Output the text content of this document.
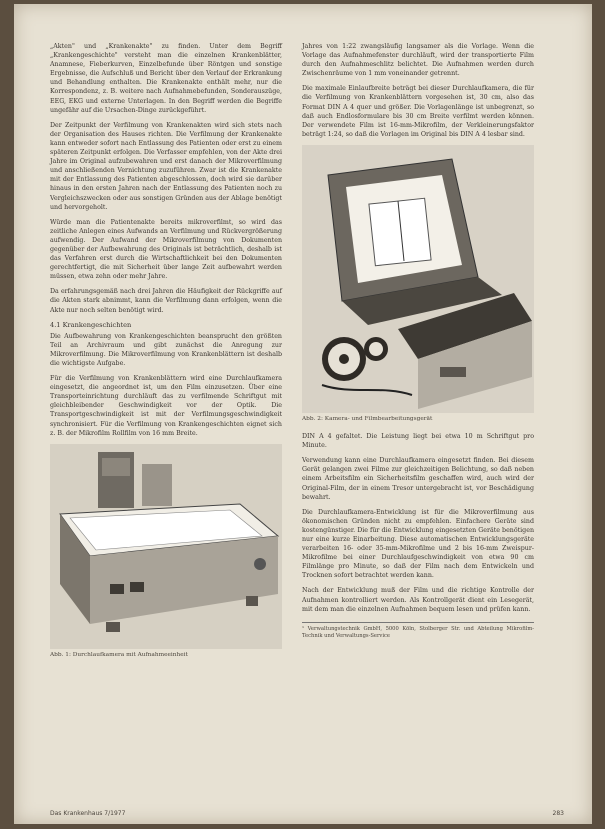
„Akten" und „Krankenakte" zu finden. Unter dem Begriff „Krankengeschichte" versteht man die einzelnen Krankenblätter, Anamnese, Fieberkurven, Einzelbefunde über Röntgen und sonstige Ergebnisse, die Aufschluß und Bericht über den Verlauf der Erkrankung und Behandlung enthalten. Die Krankenakte enthält mehr, nur die Korrespondenz, z. B. weitere nach Aufnahmebefunden, Sonderauszüge, EEG, EKG und externe Unterlagen. In den Begriff werden die Begriffe ungefähr auf die Ursachen-Dinge zurückgeführt.

Der Zeitpunkt der Verfilmung von Krankenakten wird sich stets nach der Organisation des Hauses richten. Die Verfilmung der Krankenakte kann entweder sofort nach Entlassung des Patienten oder erst zu einem späteren Zeitpunkt erfolgen. Die Verfasser empfehlen, von der Akte drei Jahre im Original aufzubewahren und erst danach der Mikroverfilmung und anschließenden Vernichtung zuzuführen. Zwar ist die Krankenakte mit der Entlassung des Patienten abgeschlossen, doch wird sie darüber hinaus in den ersten Jahren nach der Entlassung des Patienten noch zu Vergleichszwecken oder aus sonstigen Gründen aus der Ablage benötigt und hervorgeholt.

Würde man die Patientenakte bereits mikroverfilmt, so wird das zeitliche Anlegen eines Aufwands an Verfilmung und Rückvergrößerung aufwendig. Der Aufwand der Mikroverfilmung von Dokumenten gegenüber der Aufbewahrung des Originals ist beträchtlich, deshalb ist das Verfahren erst durch die Wirtschaftlichkeit bei den Dokumenten gerechtfertigt, die mit Sicherheit über lange Zeit aufbewahrt werden müssen, etwa zehn oder mehr Jahre.

Da erfahrungsgemäß nach drei Jahren die Häufigkeit der Rückgriffe auf die Akten stark abnimmt, kann die Verfilmung dann erfolgen, wenn die Akte nur noch selten benötigt wird.

4.1 Krankengeschichten

Die Aufbewahrung von Krankengeschichten beansprucht den größten Teil an Archivraum und gibt zunächst die Anregung zur Mikroverfilmung. Die Mikroverfilmung von Krankenblättern ist deshalb die wichtigste Aufgabe.

Für die Verfilmung von Krankenblättern wird eine Durchlaufkamera eingesetzt, die angeordnet ist, um den Film einzusetzen. Über eine Transporteinrichtung durchläuft das zu verfilmende Schriftgut mit gleichbleibender Geschwindigkeit vor der Optik. Die Transportgeschwindigkeit ist mit der Verfilmungsgeschwindigkeit synchronisiert. Für die Verfilmung von Krankengeschichten eignet sich z. B. der Mikrofilm Rollfilm von 16 mm Breite.

Abb. 1: Durchlaufkamera mit Aufnahmeeinheit

Jahres von 1:22 zwangsläufig langsamer als die Vorlage. Wenn die Vorlage das Aufnahmefenster durchläuft, wird der transportierte Film durch den Aufnahmeschlitz belichtet. Die Aufnahmen werden durch Zwischenräume von 1 mm voneinander getrennt.

Die maximale Einlaufbreite beträgt bei dieser Durchlaufkamera, die für die Verfilmung von Krankenblättern vorgesehen ist, 30 cm, also das Format DIN A 4 quer und größer. Die Vorlagenlänge ist unbegrenzt, so daß auch Endlosformulare bis 30 cm Breite verfilmt werden können. Der verwendete Film ist 16-mm-Mikrofilm, der Verkleinerungsfaktor beträgt 1:24, so daß die Vorlagen im Original bis DIN A 4 lesbar sind.

Abb. 2: Kamera- und Filmbearbeitungsgerät

DIN A 4 gefaltet. Die Leistung liegt bei etwa 10 m Schriftgut pro Minute.

Verwendung kann eine Durchlaufkamera eingesetzt finden. Bei diesem Gerät gelangen zwei Filme zur gleichzeitigen Belichtung, so daß neben einem Arbeitsfilm ein Sicherheitsfilm geschaffen wird, auch wird der Original-Film, der in einem Tresor untergebracht ist, vor Beschädigung bewahrt.

Die Durchlaufkamera-Entwicklung ist für die Mikroverfilmung aus ökonomischen Gründen nicht zu empfehlen. Einfachere Geräte sind kostengünstiger. Die für die Entwicklung eingesetzten Geräte benötigen nur eine kurze Einarbeitung. Diese automatischen Entwicklungsgeräte verarbeiten 16- oder 35-mm-Mikrofilme und 2 bis 16-mm Zweispur-Mikrofilme bei einer Durchlaufgeschwindigkeit von etwa 90 cm Filmlänge pro Minute, so daß der Film nach dem Entwickeln und Trocknen sofort betrachtet werden kann.

Nach der Entwicklung muß der Film und die richtige Kontrolle der Aufnahmen kontrolliert werden. Als Kontrollgerät dient ein Lesegerät, mit dem man die einzelnen Aufnahmen bequem lesen und prüfen kann.

¹ Verwaltungstechnik GmbH, 5000 Köln, Stolberger Str. und Abteilung Mikrofilm-Technik und Verwaltungs-Service
Das Krankenhaus 7/1977	283
